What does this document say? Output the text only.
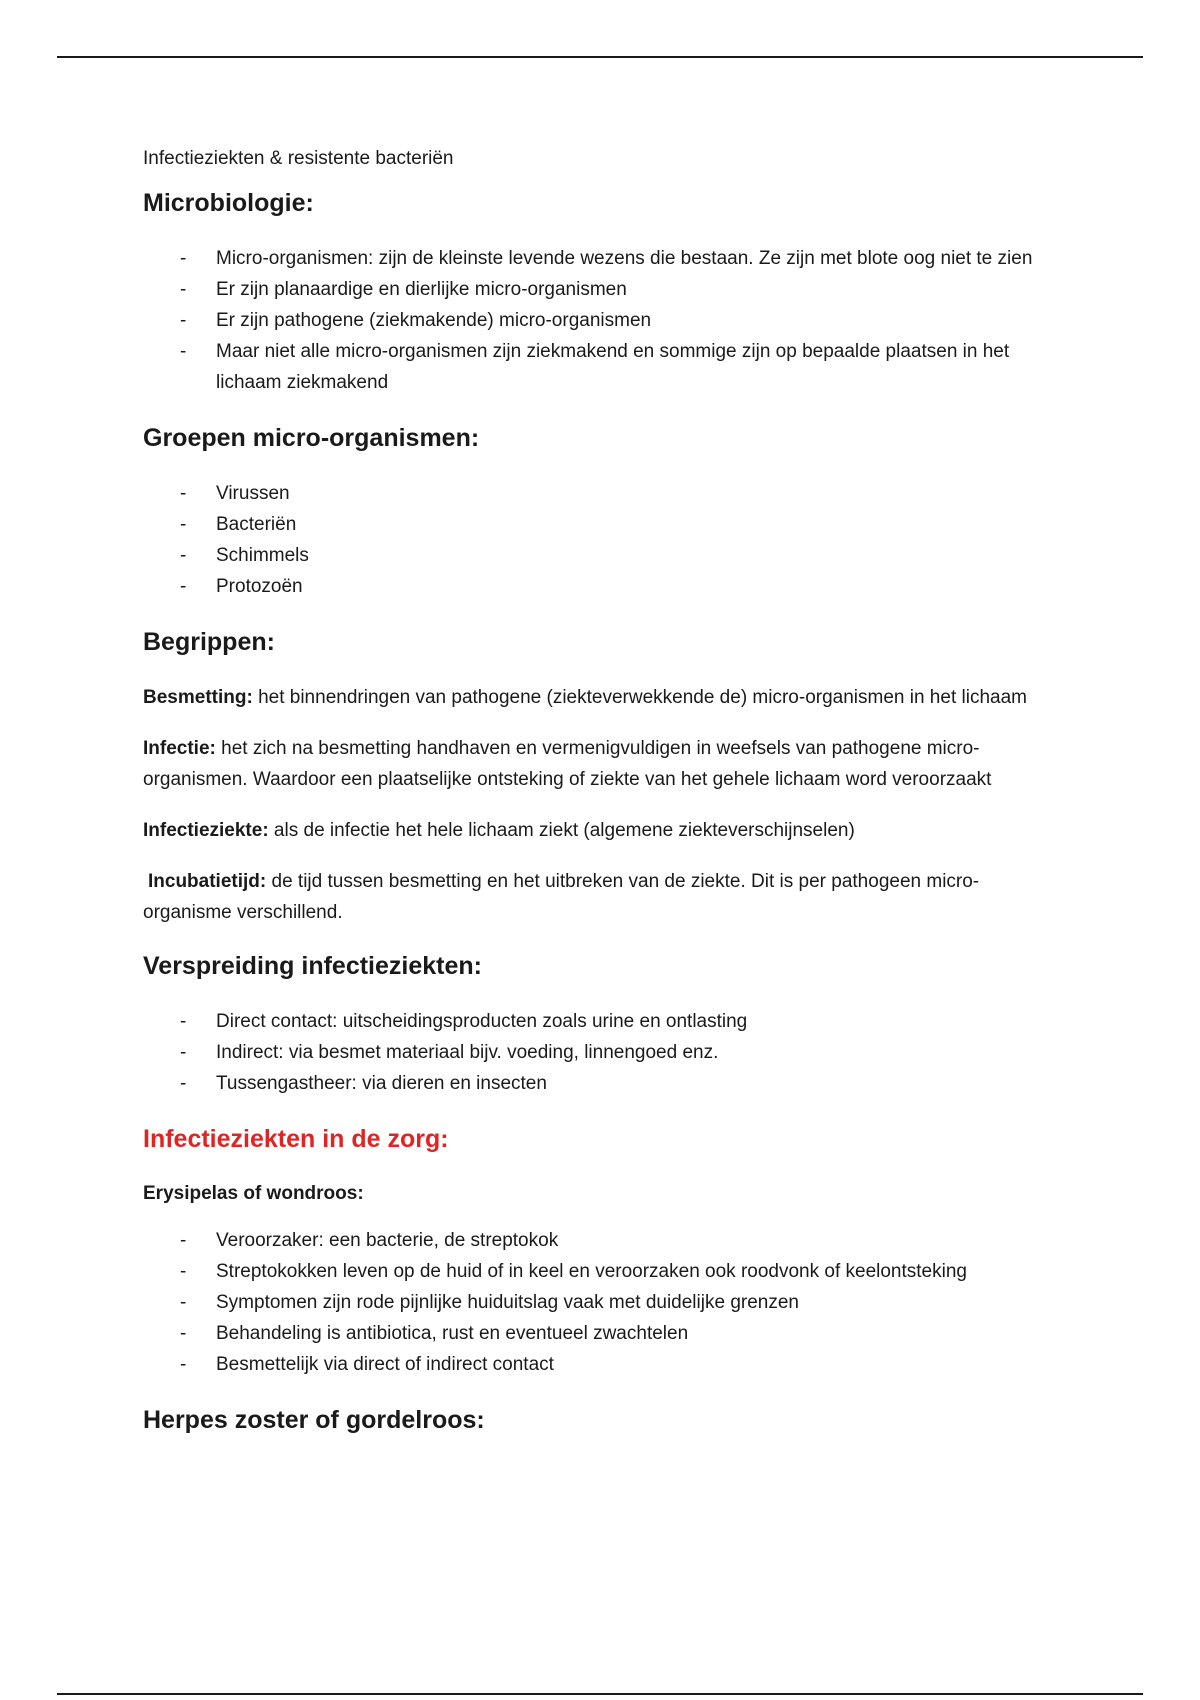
Infectieziekten & resistente bacteriën
Microbiologie:
- Micro-organismen: zijn de kleinste levende wezens die bestaan. Ze zijn met blote oog niet te zien
- Er zijn planaardige en dierlijke micro-organismen
- Er zijn pathogene (ziekmakende) micro-organismen
- Maar niet alle micro-organismen zijn ziekmakend en sommige zijn op bepaalde plaatsen in het lichaam ziekmakend
Groepen micro-organismen:
- Virussen
- Bacteriën
- Schimmels
- Protozoën
Begrippen:

Besmetting: het binnendringen van pathogene (ziekteverwekkende de) micro-organismen in het lichaam

Infectie: het zich na besmetting handhaven en vermenigvuldigen in weefsels van pathogene micro-organismen. Waardoor een plaatselijke ontsteking of ziekte van het gehele lichaam word veroorzaakt

Infectieziekte: als de infectie het hele lichaam ziekt (algemene ziekteverschijnselen)

Incubatietijd: de tijd tussen besmetting en het uitbreken van de ziekte. Dit is per pathogeen micro-organisme verschillend.

Verspreiding infectieziekten:
- Direct contact: uitscheidingsproducten zoals urine en ontlasting
- Indirect: via besmet materiaal bijv. voeding, linnengoed enz.
- Tussengastheer: via dieren en insecten
Infectieziekten in de zorg:
Erysipelas of wondroos:
- Veroorzaker: een bacterie, de streptokok
- Streptokokken leven op de huid of in keel en veroorzaken ook roodvonk of keelontsteking
- Symptomen zijn rode pijnlijke huiduitslag vaak met duidelijke grenzen
- Behandeling is antibiotica, rust en eventueel zwachtelen
- Besmettelijk via direct of indirect contact
Herpes zoster of gordelroos:
